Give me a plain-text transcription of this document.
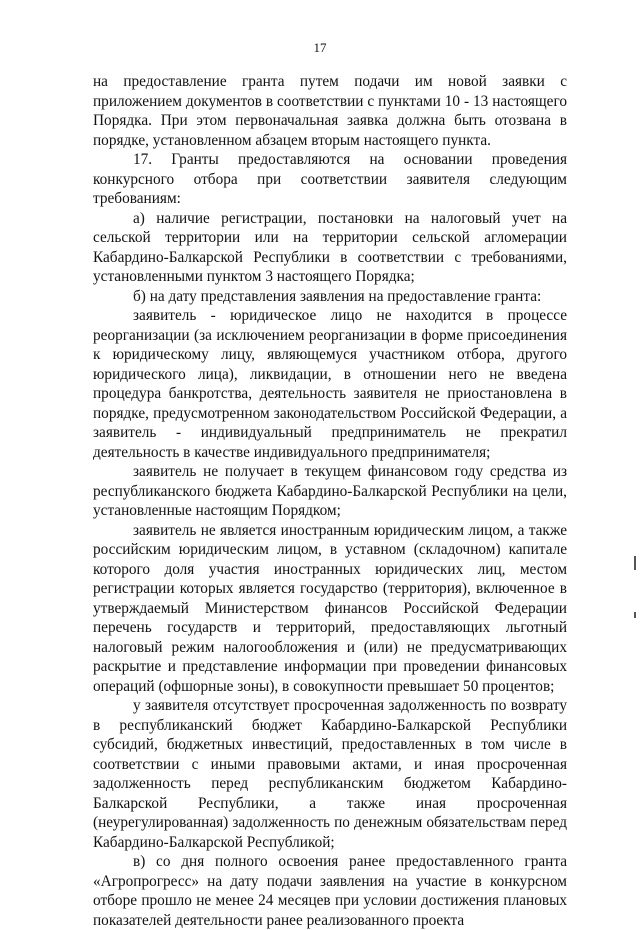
17

на предоставление гранта путем подачи им новой заявки с приложением документов в соответствии с пунктами 10 - 13 настоящего Порядка. При этом первоначальная заявка должна быть отозвана в порядке, установленном абзацем вторым настоящего пункта.

17. Гранты предоставляются на основании проведения конкурсного отбора при соответствии заявителя следующим требованиям:

а) наличие регистрации, постановки на налоговый учет на сельской территории или на территории сельской агломерации Кабардино-Балкарской Республики в соответствии с требованиями, установленными пунктом 3 настоящего Порядка;

б) на дату представления заявления на предоставление гранта:

заявитель - юридическое лицо не находится в процессе реорганизации (за исключением реорганизации в форме присоединения к юридическому лицу, являющемуся участником отбора, другого юридического лица), ликвидации, в отношении него не введена процедура банкротства, деятельность заявителя не приостановлена в порядке, предусмотренном законодательством Российской Федерации, а заявитель - индивидуальный предприниматель не прекратил деятельность в качестве индивидуального предпринимателя;

заявитель не получает в текущем финансовом году средства из республиканского бюджета Кабардино-Балкарской Республики на цели, установленные настоящим Порядком;

заявитель не является иностранным юридическим лицом, а также российским юридическим лицом, в уставном (складочном) капитале которого доля участия иностранных юридических лиц, местом регистрации которых является государство (территория), включенное в утверждаемый Министерством финансов Российской Федерации перечень государств и территорий, предоставляющих льготный налоговый режим налогообложения и (или) не предусматривающих раскрытие и представление информации при проведении финансовых операций (офшорные зоны), в совокупности превышает 50 процентов;

у заявителя отсутствует просроченная задолженность по возврату в республиканский бюджет Кабардино-Балкарской Республики субсидий, бюджетных инвестиций, предоставленных в том числе в соответствии с иными правовыми актами, и иная просроченная задолженность перед республиканским бюджетом Кабардино-Балкарской Республики, а также иная просроченная (неурегулированная) задолженность по денежным обязательствам перед Кабардино-Балкарской Республикой;

в) со дня полного освоения ранее предоставленного гранта «Агропрогресс» на дату подачи заявления на участие в конкурсном отборе прошло не менее 24 месяцев при условии достижения плановых показателей деятельности ранее реализованного проекта
